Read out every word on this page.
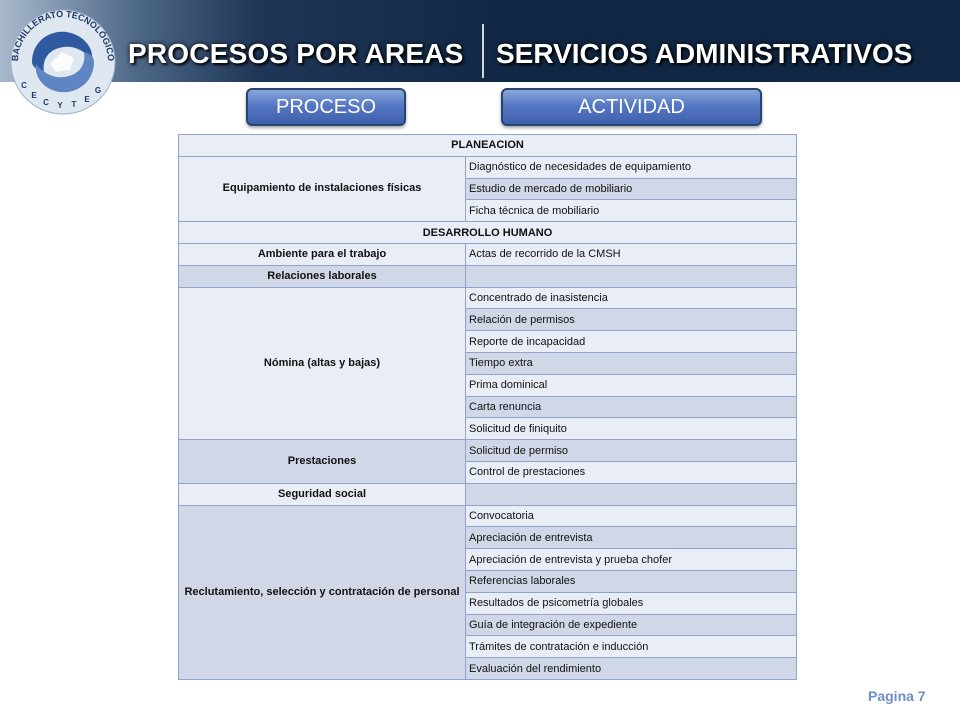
BACHILLERATO TECNOLÓGICO
C
E
C Y T
E
G
PROCESOS POR AREAS SERVICIOS ADMINISTRATIVOS
PROCESO	ACTIVIDAD
PLANEACION	
Equipamiento de instalaciones físicas	Diagnóstico de necesidades de equipamiento
	Estudio de mercado de mobiliario
	Ficha técnica de mobiliario
DESARROLLO HUMANO	
Ambiente para el trabajo	Actas de recorrido de la CMSH
Relaciones laborales	
Nómina (altas y bajas)	Concentrado de inasistencia
	Relación de permisos
	Reporte de incapacidad
	Tiempo extra
	Prima dominical
	Carta renuncia
	Solicitud de finiquito
Prestaciones	Solicitud de permiso
	Control de prestaciones
Seguridad social	
Reclutamiento, selección y contratación de personal	Convocatoria
	Apreciación de entrevista
	Apreciación de entrevista y prueba chofer
	Referencias laborales
	Resultados de psicometría globales
	Guía de integración de expediente
	Trámites de contratación e inducción
	Evaluación del rendimiento
Pagina 7
